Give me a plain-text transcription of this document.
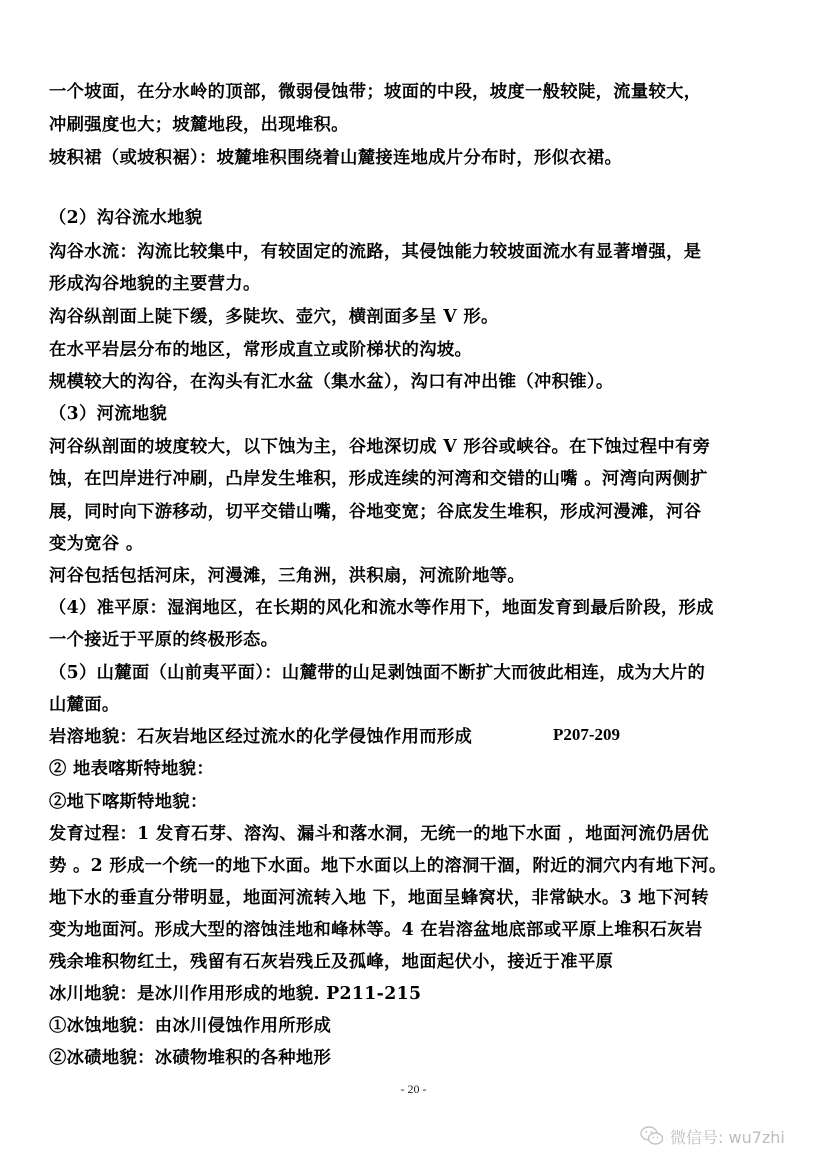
一个坡面，在分水岭的顶部，微弱侵蚀带；坡面的中段，坡度一般较陡，流量较大，
冲刷强度也大；坡麓地段，出现堆积。
坡积裙（或坡积裾）：坡麓堆积围绕着山麓接连地成片分布时，形似衣裙。
（2）沟谷流水地貌
沟谷水流：沟流比较集中，有较固定的流路，其侵蚀能力较坡面流水有显著增强，是
形成沟谷地貌的主要营力。
沟谷纵剖面上陡下缓，多陡坎、壶穴，横剖面多呈 V 形。
在水平岩层分布的地区，常形成直立或阶梯状的沟坡。
规模较大的沟谷，在沟头有汇水盆（集水盆），沟口有冲出锥（冲积锥）。
（3）河流地貌
河谷纵剖面的坡度较大，以下蚀为主，谷地深切成 V 形谷或峡谷。在下蚀过程中有旁
蚀，在凹岸进行冲刷，凸岸发生堆积，形成连续的河湾和交错的山嘴 。河湾向两侧扩
展，同时向下游移动，切平交错山嘴，谷地变宽；谷底发生堆积，形成河漫滩，河谷
变为宽谷 。
河谷包括包括河床，河漫滩，三角洲，洪积扇，河流阶地等。
（4）准平原：湿润地区，在长期的风化和流水等作用下，地面发育到最后阶段，形成
一个接近于平原的终极形态。
（5）山麓面（山前夷平面）：山麓带的山足剥蚀面不断扩大而彼此相连，成为大片的
山麓面。
岩溶地貌：石灰岩地区经过流水的化学侵蚀作用而形成	P207-209
② 地表喀斯特地貌：
②地下喀斯特地貌：
发育过程：1 发育石芽、溶沟、漏斗和落水洞，无统一的地下水面 ，地面河流仍居优
势 。2 形成一个统一的地下水面。地下水面以上的溶洞干涸，附近的洞穴内有地下河。
地下水的垂直分带明显，地面河流转入地 下，地面呈蜂窝状，非常缺水。3 地下河转
变为地面河。形成大型的溶蚀洼地和峰林等。4 在岩溶盆地底部或平原上堆积石灰岩
残余堆积物红土，残留有石灰岩残丘及孤峰，地面起伏小，接近于准平原
冰川地貌：是冰川作用形成的地貌. P211-215
①冰蚀地貌：由冰川侵蚀作用所形成
②冰碛地貌：冰碛物堆积的各种地形
- 20 -
微信号: wu7zhi
